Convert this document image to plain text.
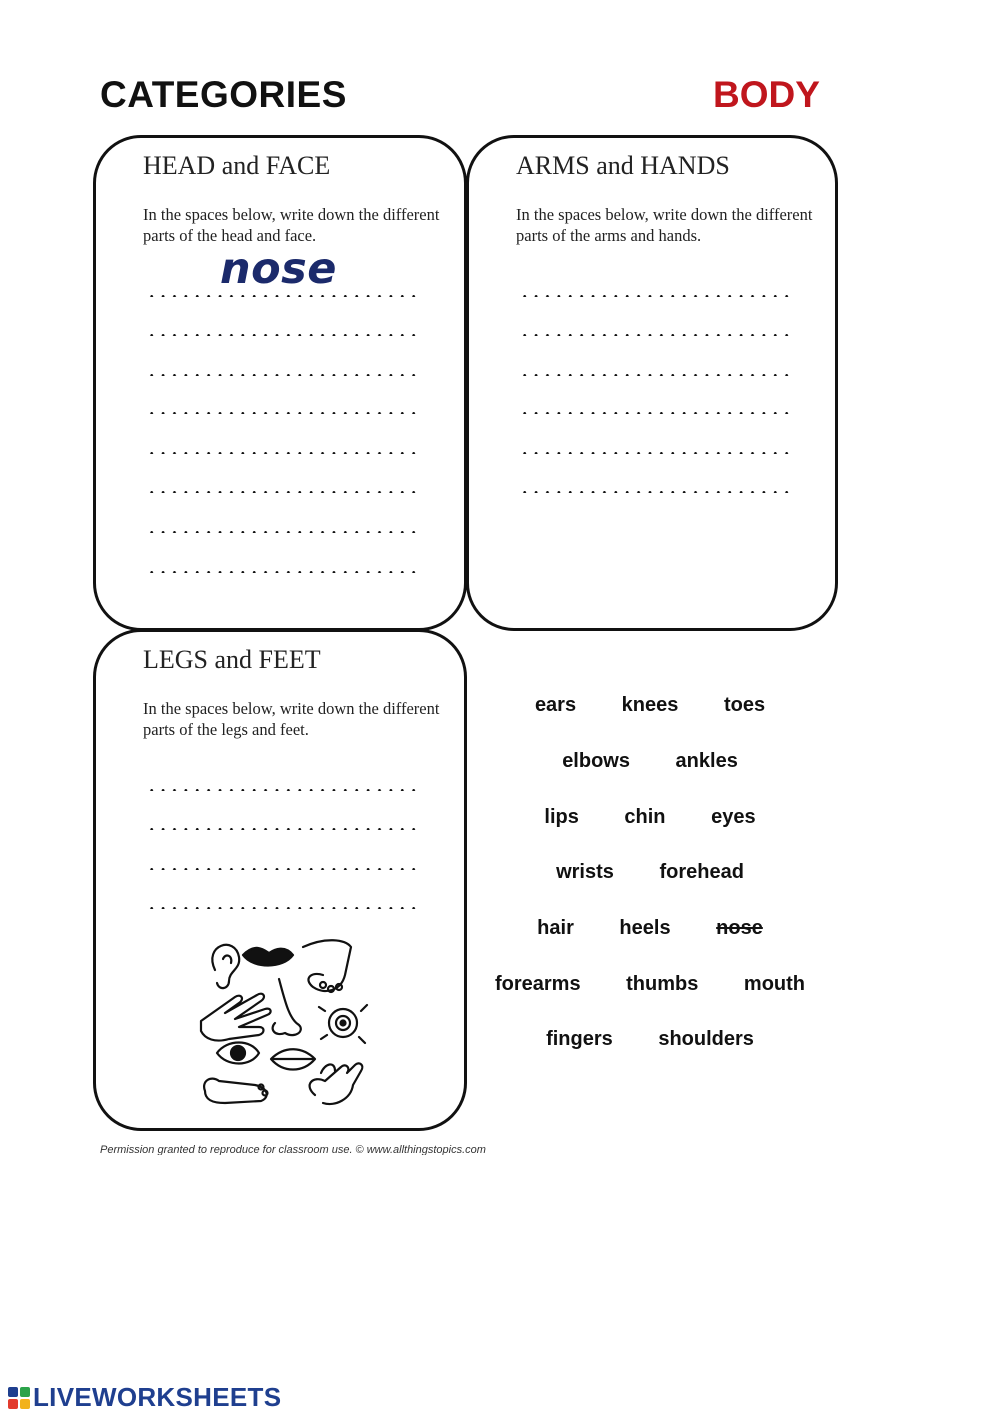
CATEGORIES	BODY
HEAD and FACE
In the spaces below, write down the different parts of the head and face.
nose
ARMS and HANDS
In the spaces below, write down the different parts of the arms and hands.
LEGS and FEET
In the spaces below, write down the different parts of the legs and feet.
ears knees toes
elbows ankles
lips chin eyes
wrists forehead
hair heels nose
forearms thumbs mouth
fingers shoulders
Permission granted to reproduce for classroom use. © www.allthingstopics.com
LIVEWORKSHEETS
